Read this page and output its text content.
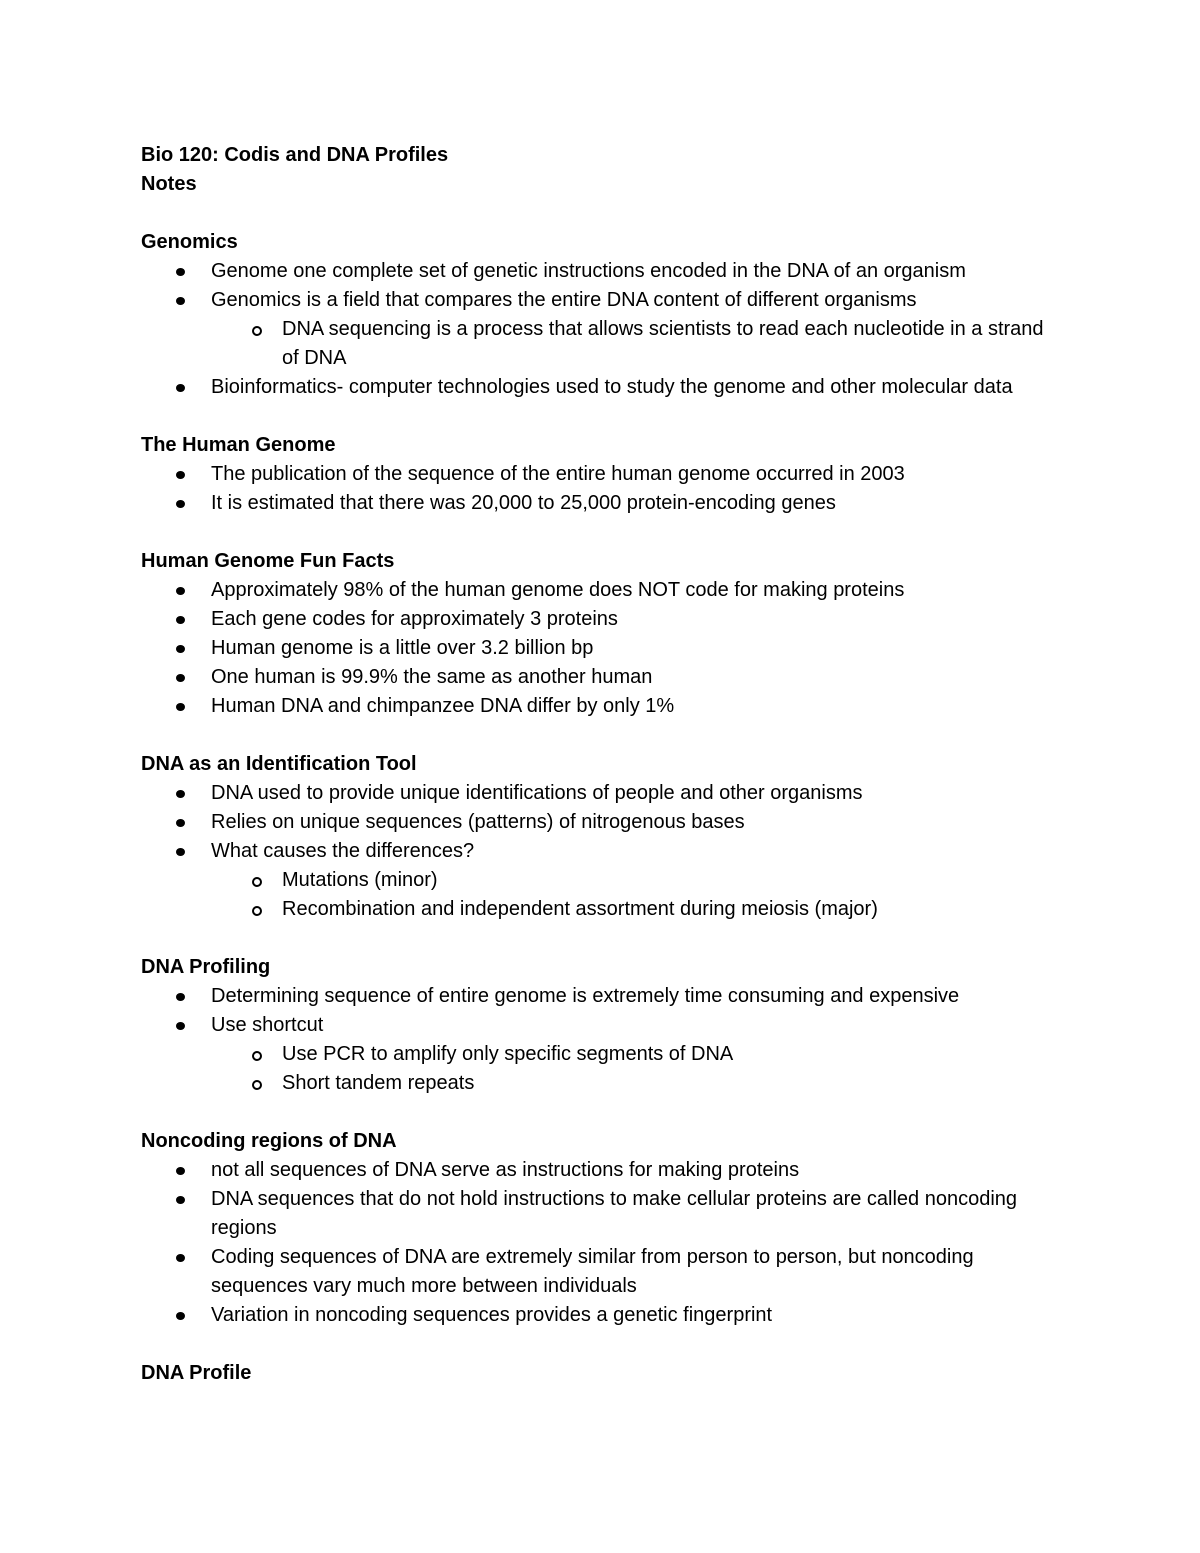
Bio 120: Codis and DNA Profiles

Notes

Genomics

Genome one complete set of genetic instructions encoded in the DNA of an organism
Genomics is a field that compares the entire DNA content of different organisms
DNA sequencing is a process that allows scientists to read each nucleotide in a strand of DNA
Bioinformatics- computer technologies used to study the genome and other molecular data

The Human Genome

The publication of the sequence of the entire human genome occurred in 2003
It is estimated that there was 20,000 to 25,000 protein-encoding genes

Human Genome Fun Facts

Approximately 98% of the human genome does NOT code for making proteins
Each gene codes for approximately 3 proteins
Human genome is a little over 3.2 billion bp
One human is 99.9% the same as another human
Human DNA and chimpanzee DNA differ by only 1%

DNA as an Identification Tool

DNA used to provide unique identifications of people and other organisms
Relies on unique sequences (patterns) of nitrogenous bases
What causes the differences?
Mutations (minor)
Recombination and independent assortment during meiosis (major)

DNA Profiling

Determining sequence of entire genome is extremely time consuming and expensive
Use shortcut
Use PCR to amplify only specific segments of DNA
Short tandem repeats

Noncoding regions of DNA

not all sequences of DNA serve as instructions for making proteins
DNA sequences that do not hold instructions to make cellular proteins are called noncoding regions
Coding sequences of DNA are extremely similar from person to person, but noncoding sequences vary much more between individuals
Variation in noncoding sequences provides a genetic fingerprint

DNA Profile
